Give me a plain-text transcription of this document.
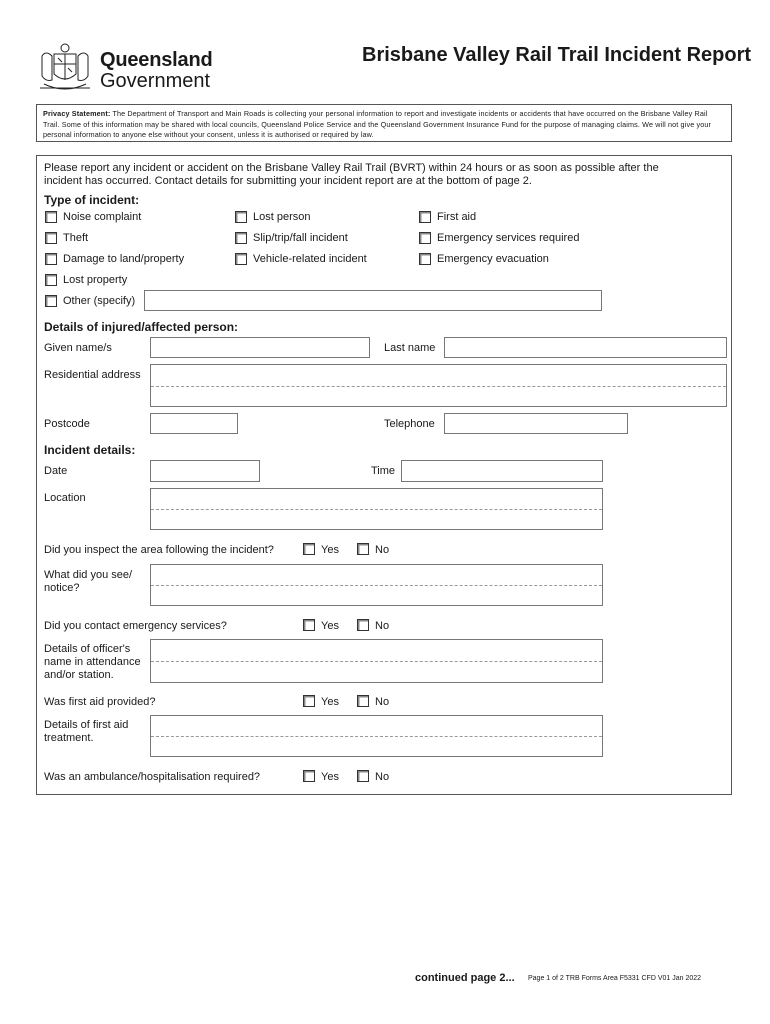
Queensland
Government
Brisbane Valley Rail Trail Incident Report
Privacy Statement: The Department of Transport and Main Roads is collecting your personal information to report and investigate incidents or accidents that have occurred on the Brisbane Valley Rail Trail. Some of this information may be shared with local councils, Queensland Police Service and the Queensland Government Insurance Fund for the purpose of managing claims. We will not give your personal information to anyone else without your consent, unless it is authorised or required by law.
Please report any incident or accident on the Brisbane Valley Rail Trail (BVRT) within 24 hours or as soon as possible after the
incident has occurred. Contact details for submitting your incident report are at the bottom of page 2.
Type of incident:
Noise complaint	Lost person	First aid
Theft	Slip/trip/fall incident	Emergency services required
Damage to land/property	Vehicle-related incident	Emergency evacuation
Lost property
Other (specify)
Details of injured/affected person:
Given name/s	Last name
Residential address
Postcode	Telephone
Incident details:
Date	Time
Location
Did you inspect the area following the incident?	Yes	No
What did you see/
notice?
Did you contact emergency services?	Yes	No
Details of officer's
name in attendance
and/or station.
Was first aid provided?	Yes	No
Details of first aid
treatment.
Was an ambulance/hospitalisation required?	Yes	No
continued page 2... Page 1 of 2 TRB Forms Area F5331 CFD V01 Jan 2022
